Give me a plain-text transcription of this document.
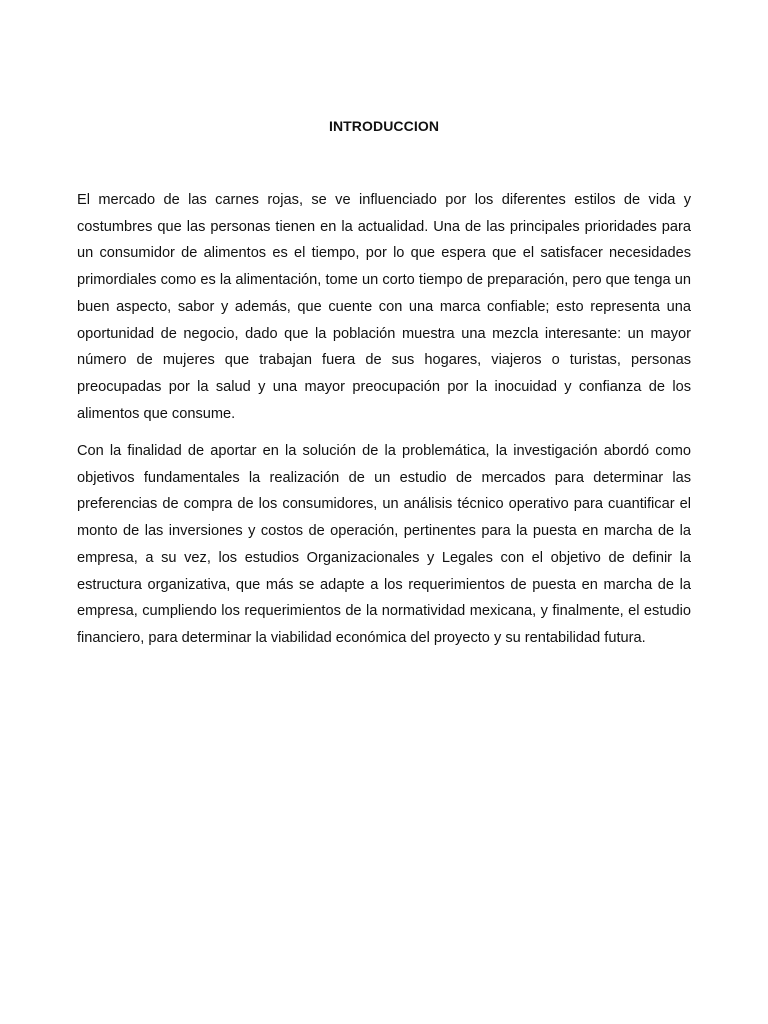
INTRODUCCION

El mercado de las carnes rojas, se ve influenciado por los diferentes estilos de vida y costumbres que las personas tienen en la actualidad. Una de las principales prioridades para un consumidor de alimentos es el tiempo, por lo que espera que el satisfacer necesidades primordiales como es la alimentación, tome un corto tiempo de preparación, pero que tenga un buen aspecto, sabor y además, que cuente con una marca confiable; esto representa una oportunidad de negocio, dado que la población muestra una mezcla interesante: un mayor número de mujeres que trabajan fuera de sus hogares, viajeros o turistas, personas preocupadas por la salud y una mayor preocupación por la inocuidad y confianza de los alimentos que consume.

Con la finalidad de aportar en la solución de la problemática, la investigación abordó como objetivos fundamentales la realización de un estudio de mercados para determinar las preferencias de compra de los consumidores, un análisis técnico operativo para cuantificar el monto de las inversiones y costos de operación, pertinentes para la puesta en marcha de la empresa, a su vez, los estudios Organizacionales y Legales con el objetivo de definir la estructura organizativa, que más se adapte a los requerimientos de puesta en marcha de la empresa, cumpliendo los requerimientos de la normatividad mexicana, y finalmente, el estudio financiero, para determinar la viabilidad económica del proyecto y su rentabilidad futura.
